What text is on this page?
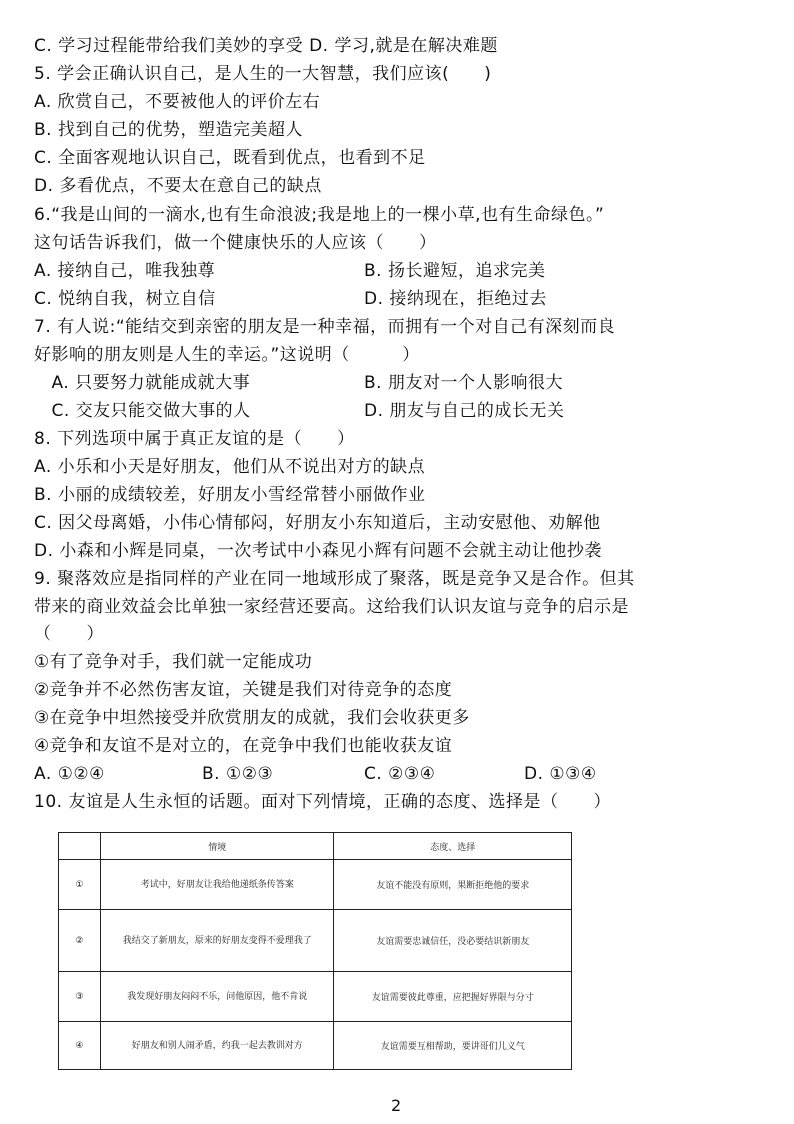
C. 学习过程能带给我们美妙的享受 D. 学习,就是在解决难题
5. 学会正确认识自己，是人生的一大智慧，我们应该(　　)
A. 欣赏自己，不要被他人的评价左右
B. 找到自己的优势，塑造完美超人
C. 全面客观地认识自己，既看到优点，也看到不足
D. 多看优点，不要太在意自己的缺点
6.“我是山间的一滴水,也有生命浪波;我是地上的一棵小草,也有生命绿色。”
这句话告诉我们，做一个健康快乐的人应该（　　）
A. 接纳自己，唯我独尊	B. 扬长避短，追求完美
C. 悦纳自我，树立自信	D. 接纳现在，拒绝过去
7. 有人说:“能结交到亲密的朋友是一种幸福，而拥有一个对自己有深刻而良
好影响的朋友则是人生的幸运。”这说明（　　　）
　A. 只要努力就能成就大事	B. 朋友对一个人影响很大
　C. 交友只能交做大事的人	D. 朋友与自己的成长无关
8. 下列选项中属于真正友谊的是（　　）
A. 小乐和小天是好朋友，他们从不说出对方的缺点
B. 小丽的成绩较差，好朋友小雪经常替小丽做作业
C. 因父母离婚，小伟心情郁闷，好朋友小东知道后，主动安慰他、劝解他
D. 小森和小辉是同桌，一次考试中小森见小辉有问题不会就主动让他抄袭
9. 聚落效应是指同样的产业在同一地域形成了聚落，既是竞争又是合作。但其
带来的商业效益会比单独一家经营还要高。这给我们认识友谊与竞争的启示是
（　　）
①有了竞争对手，我们就一定能成功
②竞争并不必然伤害友谊，关键是我们对待竞争的态度
③在竞争中坦然接受并欣赏朋友的成就，我们会收获更多
④竞争和友谊不是对立的，在竞争中我们也能收获友谊
A. ①②④	B. ①②③	C. ②③④	D. ①③④
10. 友谊是人生永恒的话题。面对下列情境，正确的态度、选择是（　　）
	情境	态度、选择
①	考试中，好朋友让我给他递纸条传答案	友谊不能没有原则，果断拒绝他的要求
②	我结交了新朋友，原来的好朋友变得不爱理我了	友谊需要忠诚信任，没必要结识新朋友
③	我发现好朋友闷闷不乐，问他原因，他不肯说	友谊需要彼此尊重，应把握好界限与分寸
④	好朋友和别人闹矛盾，约我一起去教训对方	友谊需要互相帮助，要讲哥们儿义气
2
